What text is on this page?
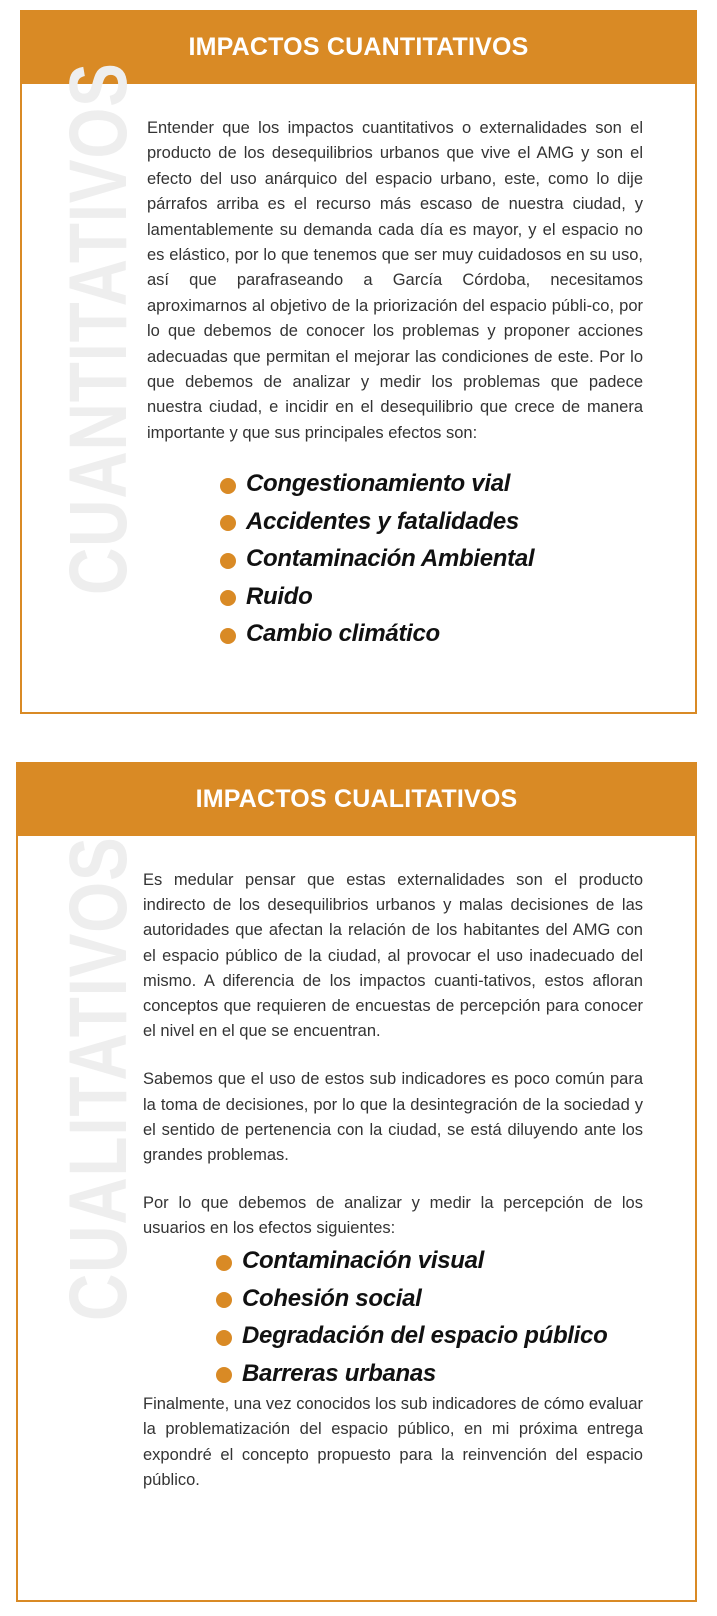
IMPACTOS CUANTITATIVOS
CUANTITATIVOS Entender que los impactos cuantitativos o externalidades son el producto de los desequilibrios urbanos que vive el AMG y son el efecto del uso anárquico del espacio urbano, este, como lo dije párrafos arriba es el recurso más escaso de nuestra ciudad, y lamentablemente su demanda cada día es mayor, y el espacio no es elástico, por lo que tenemos que ser muy cuidadosos en su uso, así que parafraseando a García Córdoba, necesitamos aproximarnos al objetivo de la priorización del espacio públi-co, por lo que debemos de conocer los problemas y proponer acciones adecuadas que permitan el mejorar las condiciones de este. Por lo que debemos de analizar y medir los problemas que padece nuestra ciudad, e incidir en el desequilibrio que crece de manera importante y que sus principales efectos son:

Congestionamiento vial
Accidentes y fatalidades
Contaminación Ambiental
Ruido
Cambio climático
IMPACTOS CUALITATIVOS
CUALITATIVOS Es medular pensar que estas externalidades son el producto indirecto de los desequilibrios urbanos y malas decisiones de las autoridades que afectan la relación de los habitantes del AMG con el espacio público de la ciudad, al provocar el uso inadecuado del mismo. A diferencia de los impactos cuanti-tativos, estos afloran conceptos que requieren de encuestas de percepción para conocer el nivel en el que se encuentran.

Sabemos que el uso de estos sub indicadores es poco común para la toma de decisiones, por lo que la desintegración de la sociedad y el sentido de pertenencia con la ciudad, se está diluyendo ante los grandes problemas.

Por lo que debemos de analizar y medir la percepción de los usuarios en los efectos siguientes:

Contaminación visual
Cohesión social
Degradación del espacio público
Barreras urbanas

Finalmente, una vez conocidos los sub indicadores de cómo evaluar la problematización del espacio público, en mi próxima entrega expondré el concepto propuesto para la reinvención del espacio público.
